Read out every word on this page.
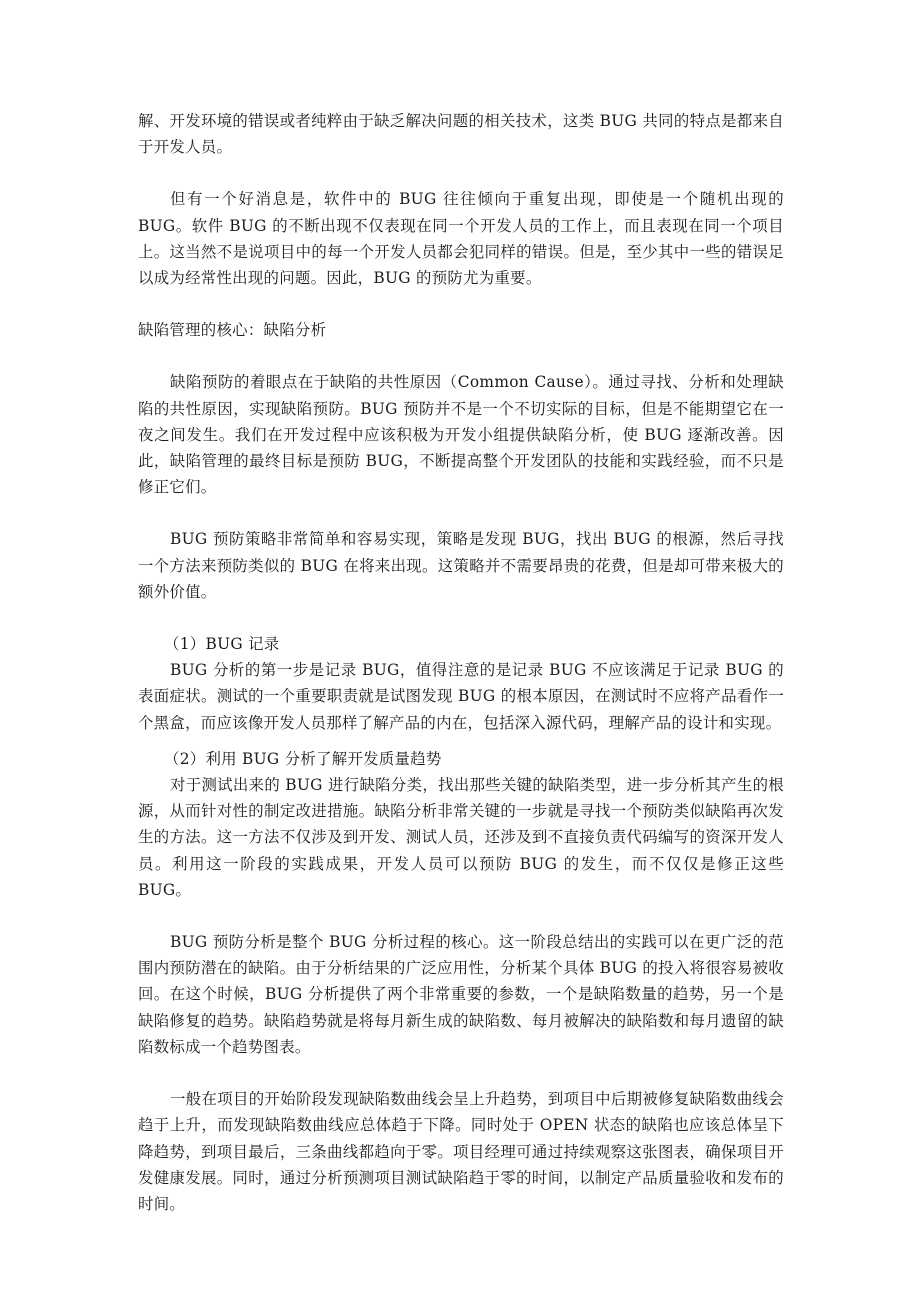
解、开发环境的错误或者纯粹由于缺乏解决问题的相关技术，这类 BUG 共同的特点是都来自于开发人员。

但有一个好消息是，软件中的 BUG 往往倾向于重复出现，即使是一个随机出现的 BUG。软件 BUG 的不断出现不仅表现在同一个开发人员的工作上，而且表现在同一个项目上。这当然不是说项目中的每一个开发人员都会犯同样的错误。但是，至少其中一些的错误足以成为经常性出现的问题。因此，BUG 的预防尤为重要。

缺陷管理的核心：缺陷分析

缺陷预防的着眼点在于缺陷的共性原因（Common Cause）。通过寻找、分析和处理缺陷的共性原因，实现缺陷预防。BUG 预防并不是一个不切实际的目标，但是不能期望它在一夜之间发生。我们在开发过程中应该积极为开发小组提供缺陷分析，使 BUG 逐渐改善。因此，缺陷管理的最终目标是预防 BUG，不断提高整个开发团队的技能和实践经验，而不只是修正它们。

BUG 预防策略非常简单和容易实现，策略是发现 BUG，找出 BUG 的根源，然后寻找一个方法来预防类似的 BUG 在将来出现。这策略并不需要昂贵的花费，但是却可带来极大的额外价值。

（1）BUG 记录

BUG 分析的第一步是记录 BUG，值得注意的是记录 BUG 不应该满足于记录 BUG 的表面症状。测试的一个重要职责就是试图发现 BUG 的根本原因，在测试时不应将产品看作一个黑盒，而应该像开发人员那样了解产品的内在，包括深入源代码，理解产品的设计和实现。

（2）利用 BUG 分析了解开发质量趋势

对于测试出来的 BUG 进行缺陷分类，找出那些关键的缺陷类型，进一步分析其产生的根源，从而针对性的制定改进措施。缺陷分析非常关键的一步就是寻找一个预防类似缺陷再次发生的方法。这一方法不仅涉及到开发、测试人员，还涉及到不直接负责代码编写的资深开发人员。利用这一阶段的实践成果，开发人员可以预防 BUG 的发生，而不仅仅是修正这些 BUG。

BUG 预防分析是整个 BUG 分析过程的核心。这一阶段总结出的实践可以在更广泛的范围内预防潜在的缺陷。由于分析结果的广泛应用性，分析某个具体 BUG 的投入将很容易被收回。在这个时候，BUG 分析提供了两个非常重要的参数，一个是缺陷数量的趋势，另一个是缺陷修复的趋势。缺陷趋势就是将每月新生成的缺陷数、每月被解决的缺陷数和每月遗留的缺陷数标成一个趋势图表。

一般在项目的开始阶段发现缺陷数曲线会呈上升趋势，到项目中后期被修复缺陷数曲线会趋于上升，而发现缺陷数曲线应总体趋于下降。同时处于 OPEN 状态的缺陷也应该总体呈下降趋势，到项目最后，三条曲线都趋向于零。项目经理可通过持续观察这张图表，确保项目开发健康发展。同时，通过分析预测项目测试缺陷趋于零的时间，以制定产品质量验收和发布的时间。
